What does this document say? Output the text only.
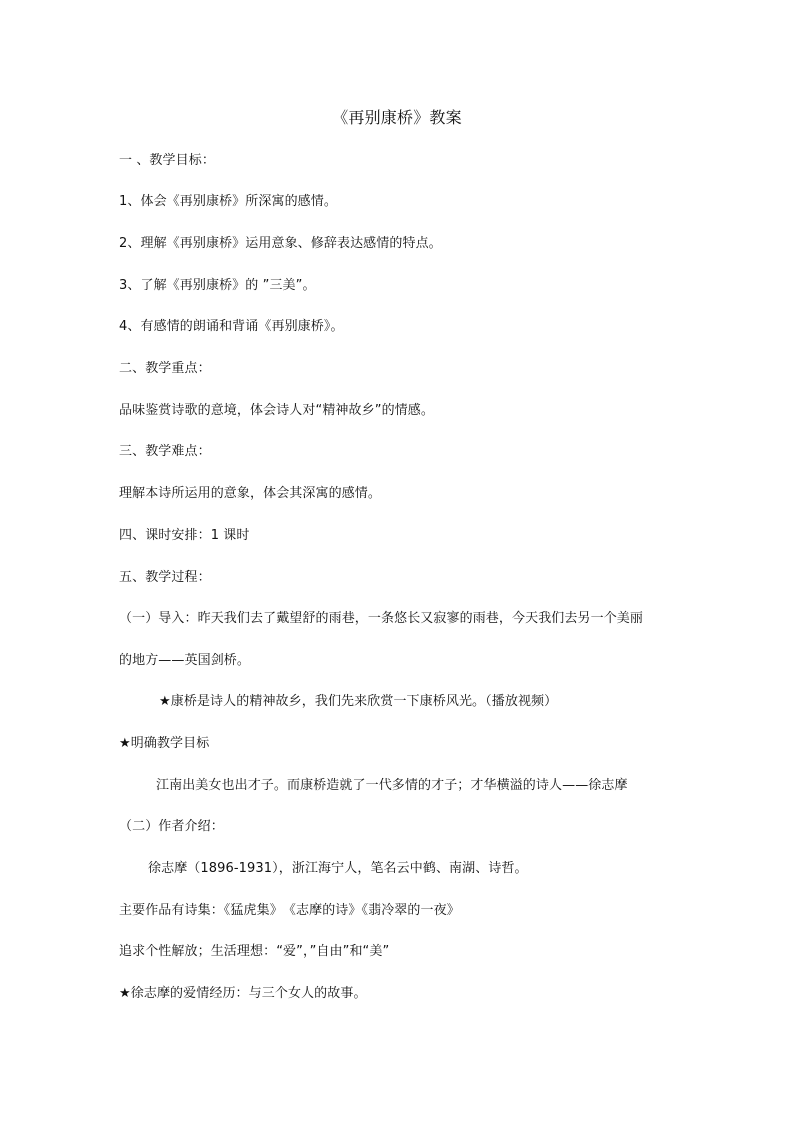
《再别康桥》教案
一 、教学目标：
1、体会《再别康桥》所深寓的感情。
2、理解《再别康桥》运用意象、修辞表达感情的特点。
3、了解《再别康桥》的 ”三美”。
4、有感情的朗诵和背诵《再别康桥》。
二、教学重点：
品味鉴赏诗歌的意境，体会诗人对“精神故乡”的情感。
三、教学难点：
理解本诗所运用的意象，体会其深寓的感情。
四、课时安排：1 课时
五、教学过程：
（一）导入：昨天我们去了戴望舒的雨巷，一条悠长又寂寥的雨巷，今天我们去另一个美丽
的地方——英国剑桥。
★康桥是诗人的精神故乡，我们先来欣赏一下康桥风光。（播放视频）
★明确教学目标
江南出美女也出才子。而康桥造就了一代多情的才子；才华横溢的诗人——徐志摩
（二）作者介绍：
徐志摩（1896-1931），浙江海宁人，笔名云中鹤、南湖、诗哲。
主要作品有诗集：《猛虎集》　《志摩的诗》《翡冷翠的一夜》
追求个性解放；生活理想：“爱”，”自由”和“美”
★徐志摩的爱情经历：与三个女人的故事。
